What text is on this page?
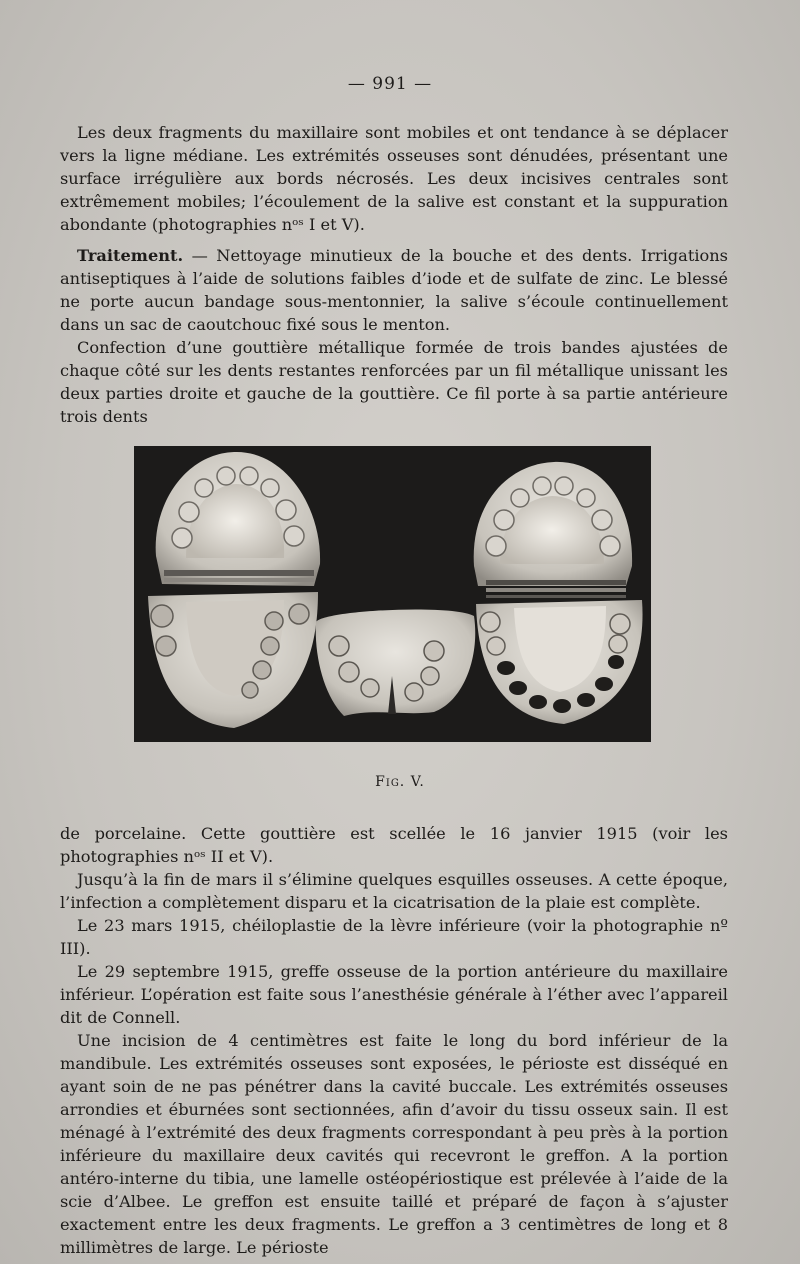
— 991 —

Les deux fragments du maxillaire sont mobiles et ont tendance à se déplacer vers la ligne médiane. Les extrémités osseuses sont dénudées, présentant une surface irrégulière aux bords nécrosés. Les deux incisives centrales sont extrêmement mobiles; l’écoulement de la salive est constant et la suppuration abondante (photographies nᵒˢ I et V).

Traitement. — Nettoyage minutieux de la bouche et des dents. Irrigations antiseptiques à l’aide de solutions faibles d’iode et de sulfate de zinc. Le blessé ne porte aucun bandage sous-mentonnier, la salive s’écoule continuellement dans un sac de caoutchouc fixé sous le menton.

Confection d’une gouttière métallique formée de trois bandes ajustées de chaque côté sur les dents restantes renforcées par un fil métallique unissant les deux parties droite et gauche de la gouttière. Ce fil porte à sa partie antérieure trois dents

Fig. V.

de porcelaine. Cette gouttière est scellée le 16 janvier 1915 (voir les photographies nᵒˢ II et V).

Jusqu’à la fin de mars il s’élimine quelques esquilles osseuses. A cette époque, l’infection a complètement disparu et la cicatrisation de la plaie est complète.

Le 23 mars 1915, chéiloplastie de la lèvre inférieure (voir la photographie nº III).

Le 29 septembre 1915, greffe osseuse de la portion antérieure du maxillaire inférieur. L’opération est faite sous l’anesthésie générale à l’éther avec l’appareil dit de Connell.

Une incision de 4 centimètres est faite le long du bord inférieur de la mandibule. Les extrémités osseuses sont exposées, le périoste est disséqué en ayant soin de ne pas pénétrer dans la cavité buccale. Les extrémités osseuses arrondies et éburnées sont sectionnées, afin d’avoir du tissu osseux sain. Il est ménagé à l’extrémité des deux fragments correspondant à peu près à la portion inférieure du maxillaire deux cavités qui recevront le greffon. A la portion antéro-interne du tibia, une lamelle ostéopériostique est prélevée à l’aide de la scie d’Albee. Le greffon est ensuite taillé et préparé de façon à s’ajuster exactement entre les deux fragments. Le greffon a 3 centimètres de long et 8 millimètres de large. Le périoste
